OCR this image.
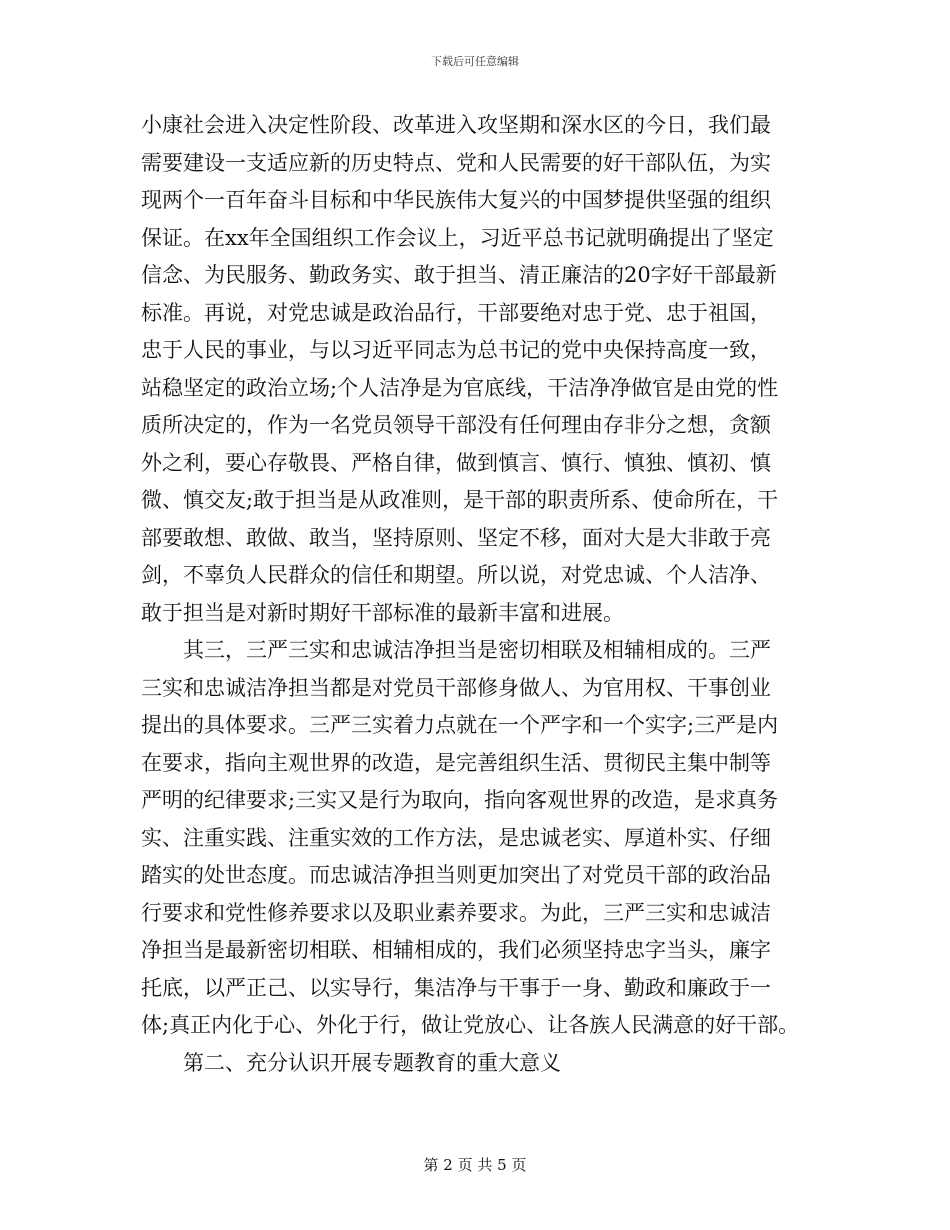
下载后可任意编辑
小康社会进入决定性阶段、改革进入攻坚期和深水区的今日，我们最
需要建设一支适应新的历史特点、党和人民需要的好干部队伍，为实
现两个一百年奋斗目标和中华民族伟大复兴的中国梦提供坚强的组织
保证。在xx年全国组织工作会议上，习近平总书记就明确提出了坚定
信念、为民服务、勤政务实、敢于担当、清正廉洁的20字好干部最新
标准。再说，对党忠诚是政治品行，干部要绝对忠于党、忠于祖国，
忠于人民的事业，与以习近平同志为总书记的党中央保持高度一致，
站稳坚定的政治立场;个人洁净是为官底线，干洁净净做官是由党的性
质所决定的，作为一名党员领导干部没有任何理由存非分之想，贪额
外之利，要心存敬畏、严格自律，做到慎言、慎行、慎独、慎初、慎
微、慎交友;敢于担当是从政准则，是干部的职责所系、使命所在，干
部要敢想、敢做、敢当，坚持原则、坚定不移，面对大是大非敢于亮
剑，不辜负人民群众的信任和期望。所以说，对党忠诚、个人洁净、
敢于担当是对新时期好干部标准的最新丰富和进展。
　　其三，三严三实和忠诚洁净担当是密切相联及相辅相成的。三严
三实和忠诚洁净担当都是对党员干部修身做人、为官用权、干事创业
提出的具体要求。三严三实着力点就在一个严字和一个实字;三严是内
在要求，指向主观世界的改造，是完善组织生活、贯彻民主集中制等
严明的纪律要求;三实又是行为取向，指向客观世界的改造，是求真务
实、注重实践、注重实效的工作方法，是忠诚老实、厚道朴实、仔细
踏实的处世态度。而忠诚洁净担当则更加突出了对党员干部的政治品
行要求和党性修养要求以及职业素养要求。为此，三严三实和忠诚洁
净担当是最新密切相联、相辅相成的，我们必须坚持忠字当头，廉字
托底，以严正己、以实导行，集洁净与干事于一身、勤政和廉政于一
体;真正内化于心、外化于行，做让党放心、让各族人民满意的好干部。
　　第二、充分认识开展专题教育的重大意义
第 2 页 共 5 页
